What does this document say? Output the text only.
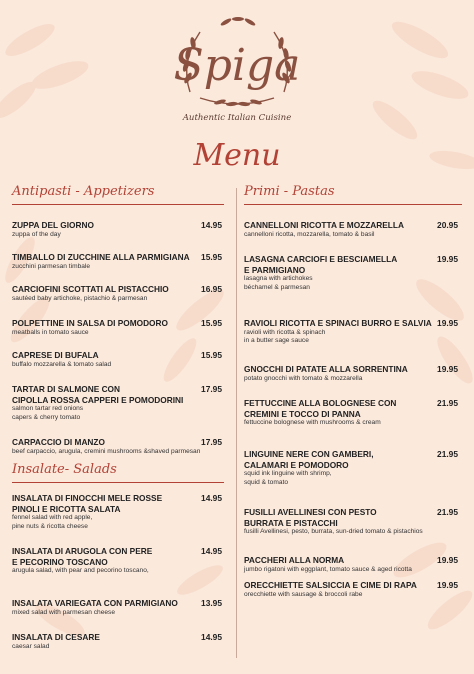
Spiga
Authentic Italian Cuisine
Menu
Antipasti - Appetizers
ZUPPA DEL GIORNO
zuppa of the day
14.95
TIMBALLO DI ZUCCHINE ALLA PARMIGIANA
zucchini parmesan timbale
15.95
CARCIOFINI SCOTTATI AL PISTACCHIO
sautéed baby artichoke, pistachio & parmesan
16.95
POLPETTINE IN SALSA DI POMODORO
meatballs in tomato sauce
15.95
CAPRESE DI BUFALA
buffalo mozzarella & tomato salad
15.95
TARTAR DI SALMONE CON
CIPOLLA ROSSA CAPPERI E POMODORINI
salmon tartar red onions
capers & cherry tomato
17.95
CARPACCIO DI MANZO
beef carpaccio, arugula, cremini mushrooms &shaved parmesan
17.95
Insalate- Salads
INSALATA DI FINOCCHI MELE ROSSE
PINOLI E RICOTTA SALATA
fennel salad with red apple,
pine nuts & ricotta cheese
14.95
INSALATA DI ARUGOLA CON PERE
E PECORINO TOSCANO
arugula salad, with pear and pecorino toscano,
14.95
INSALATA VARIEGATA CON PARMIGIANO
mixed salad with parmesan cheese
13.95
INSALATA DI CESARE
caesar salad
14.95
Primi - Pastas
CANNELLONI RICOTTA E MOZZARELLA
cannelloni ricotta, mozzarella, tomato & basil
20.95
LASAGNA CARCIOFI E BESCIAMELLA
E PARMIGIANO
lasagna with artichokes
béchamel & parmesan
19.95
RAVIOLI RICOTTA E SPINACI BURRO E SALVIA
ravioli with ricotta & spinach
in a butter sage sauce
19.95
GNOCCHI DI PATATE ALLA SORRENTINA
potato gnocchi with tomato & mozzarella
19.95
FETTUCCINE ALLA BOLOGNESE CON
CREMINI E TOCCO DI PANNA
fettuccine bolognese with mushrooms & cream
21.95
LINGUINE NERE CON GAMBERI,
CALAMARI E POMODORO
squid ink linguine with shrimp,
squid & tomato
21.95
FUSILLI AVELLINESI CON PESTO
BURRATA E PISTACCHI
fusilli Avellinesi, pesto, burrata, sun-dried tomato & pistachios
21.95
PACCHERI ALLA NORMA
jumbo rigatoni with eggplant, tomato sauce & aged ricotta
19.95
ORECCHIETTE SALSICCIA E CIME DI RAPA
orecchiette with sausage & broccoli rabe
19.95
